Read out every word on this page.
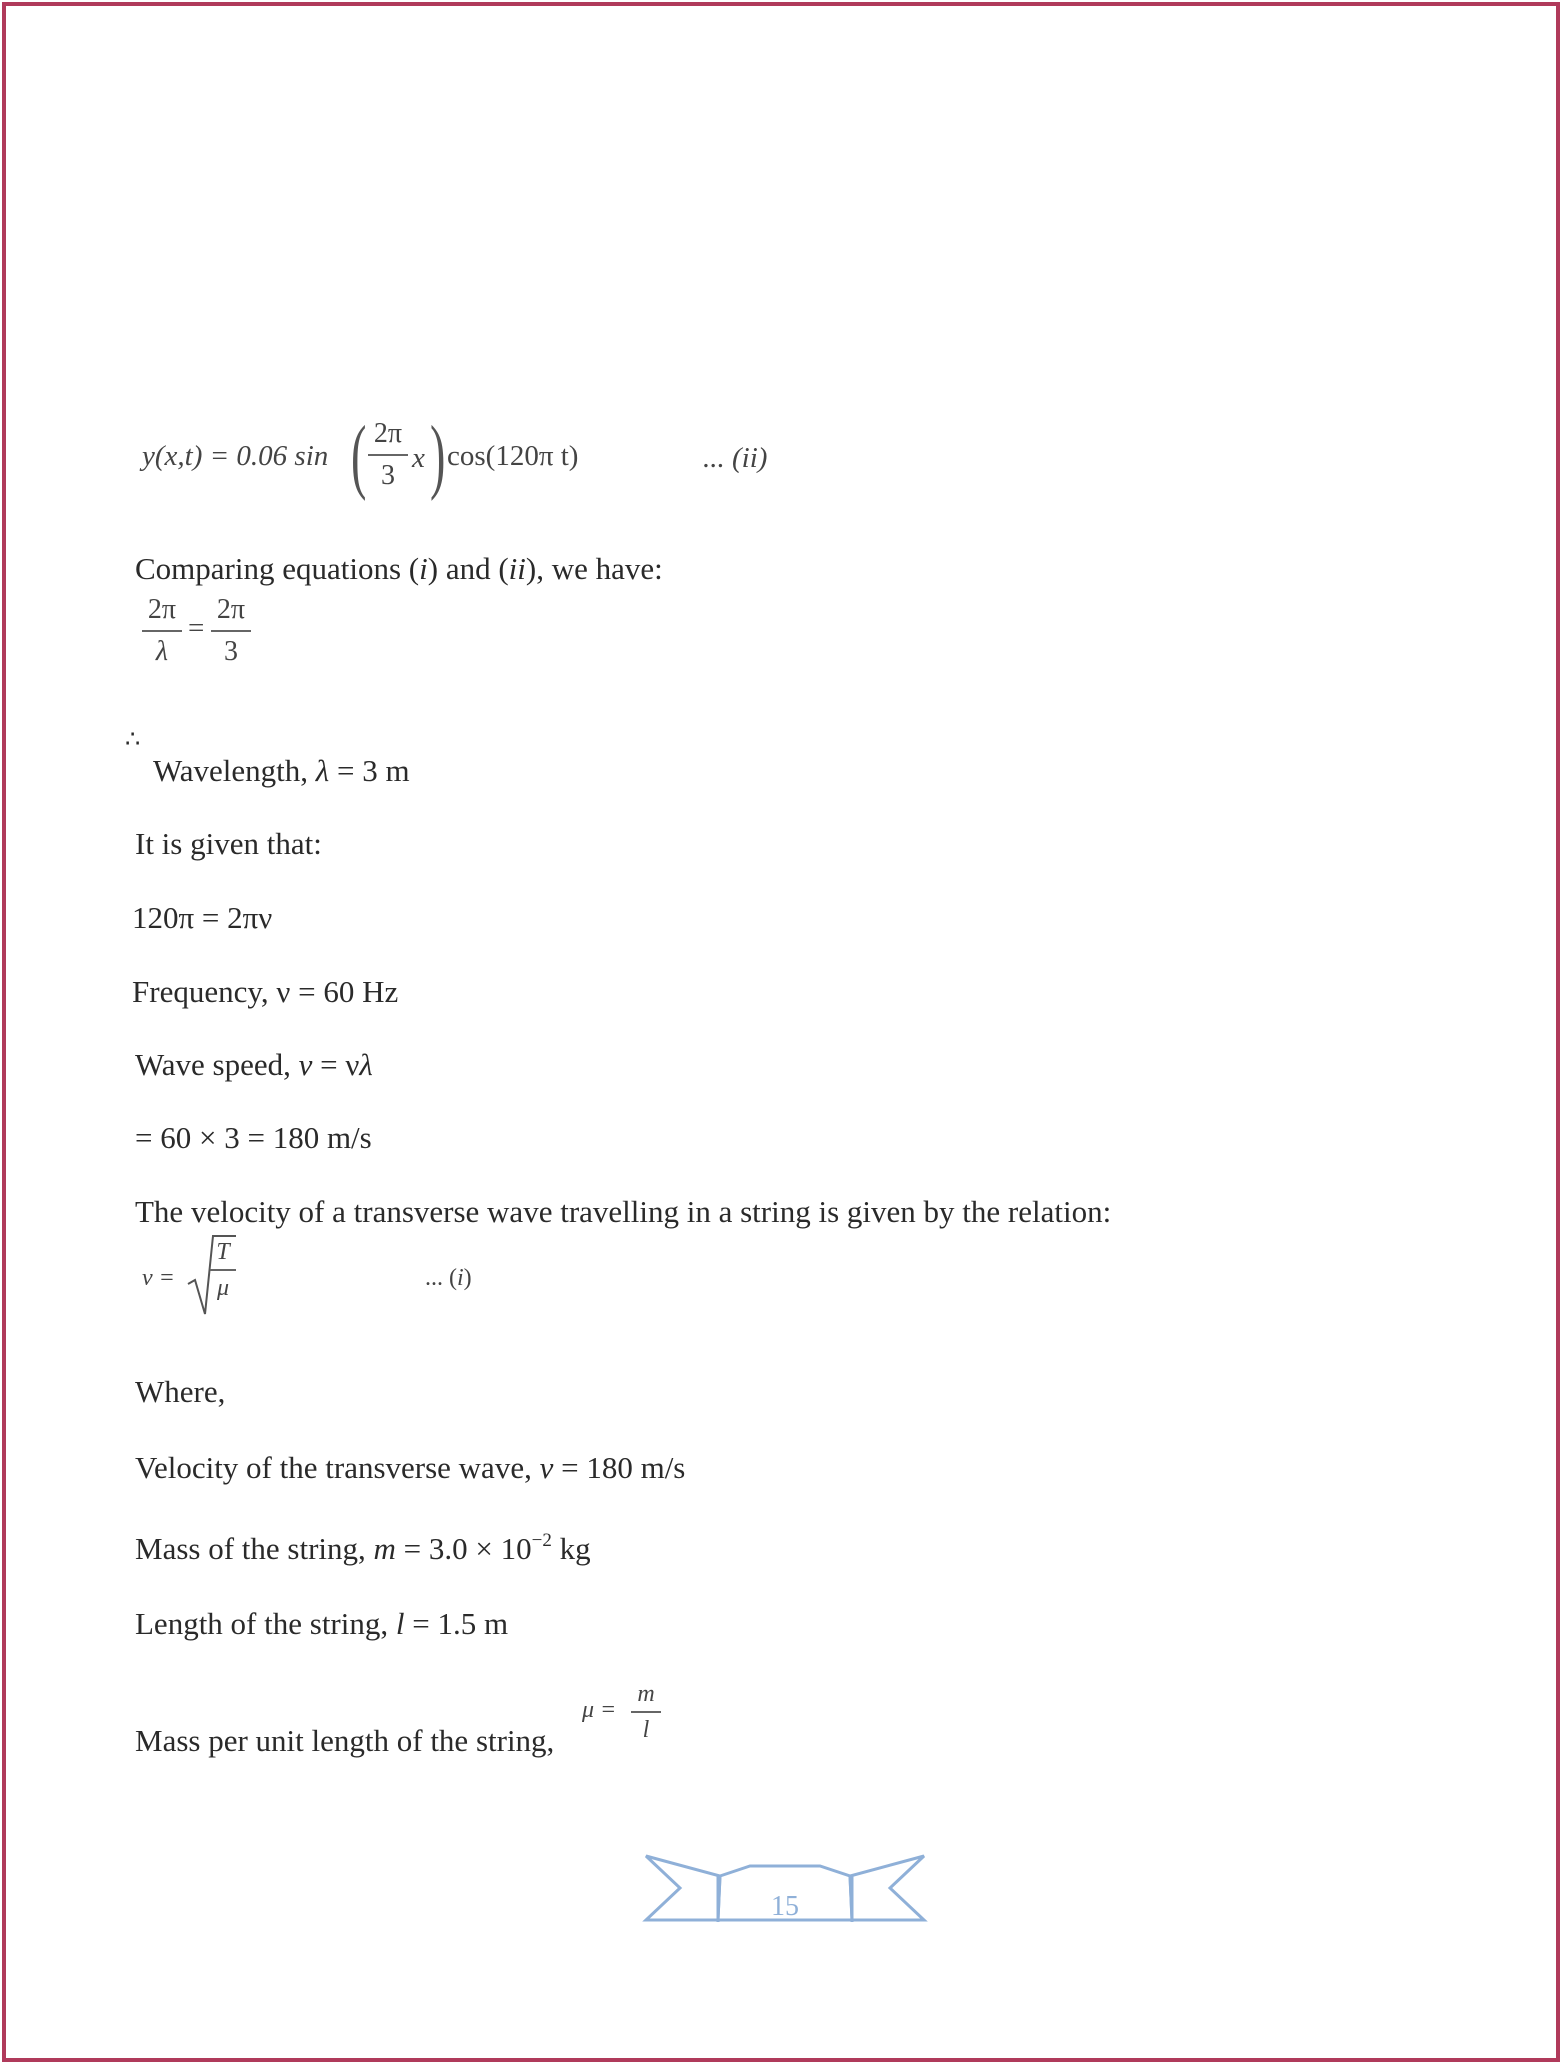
y(x,t) = 0.06 sin ( 2π
3
x ) cos(120π t)	... (ii)
Comparing equations (i) and (ii), we have:
2π
λ
=
2π
3
∴
Wavelength, λ = 3 m
It is given that:
120π = 2πν
Frequency, ν = 60 Hz
Wave speed, v = νλ
= 60 × 3 = 180 m/s
The velocity of a transverse wave travelling in a string is given by the relation:
v =
T
μ	... (i)
Where,
Velocity of the transverse wave, v = 180 m/s
Mass of the string, $m = 3.0 \times 10^{-2}$ kg
Length of the string, l = 1.5 m
Mass per unit length of the string,
μ =
m
l
15
